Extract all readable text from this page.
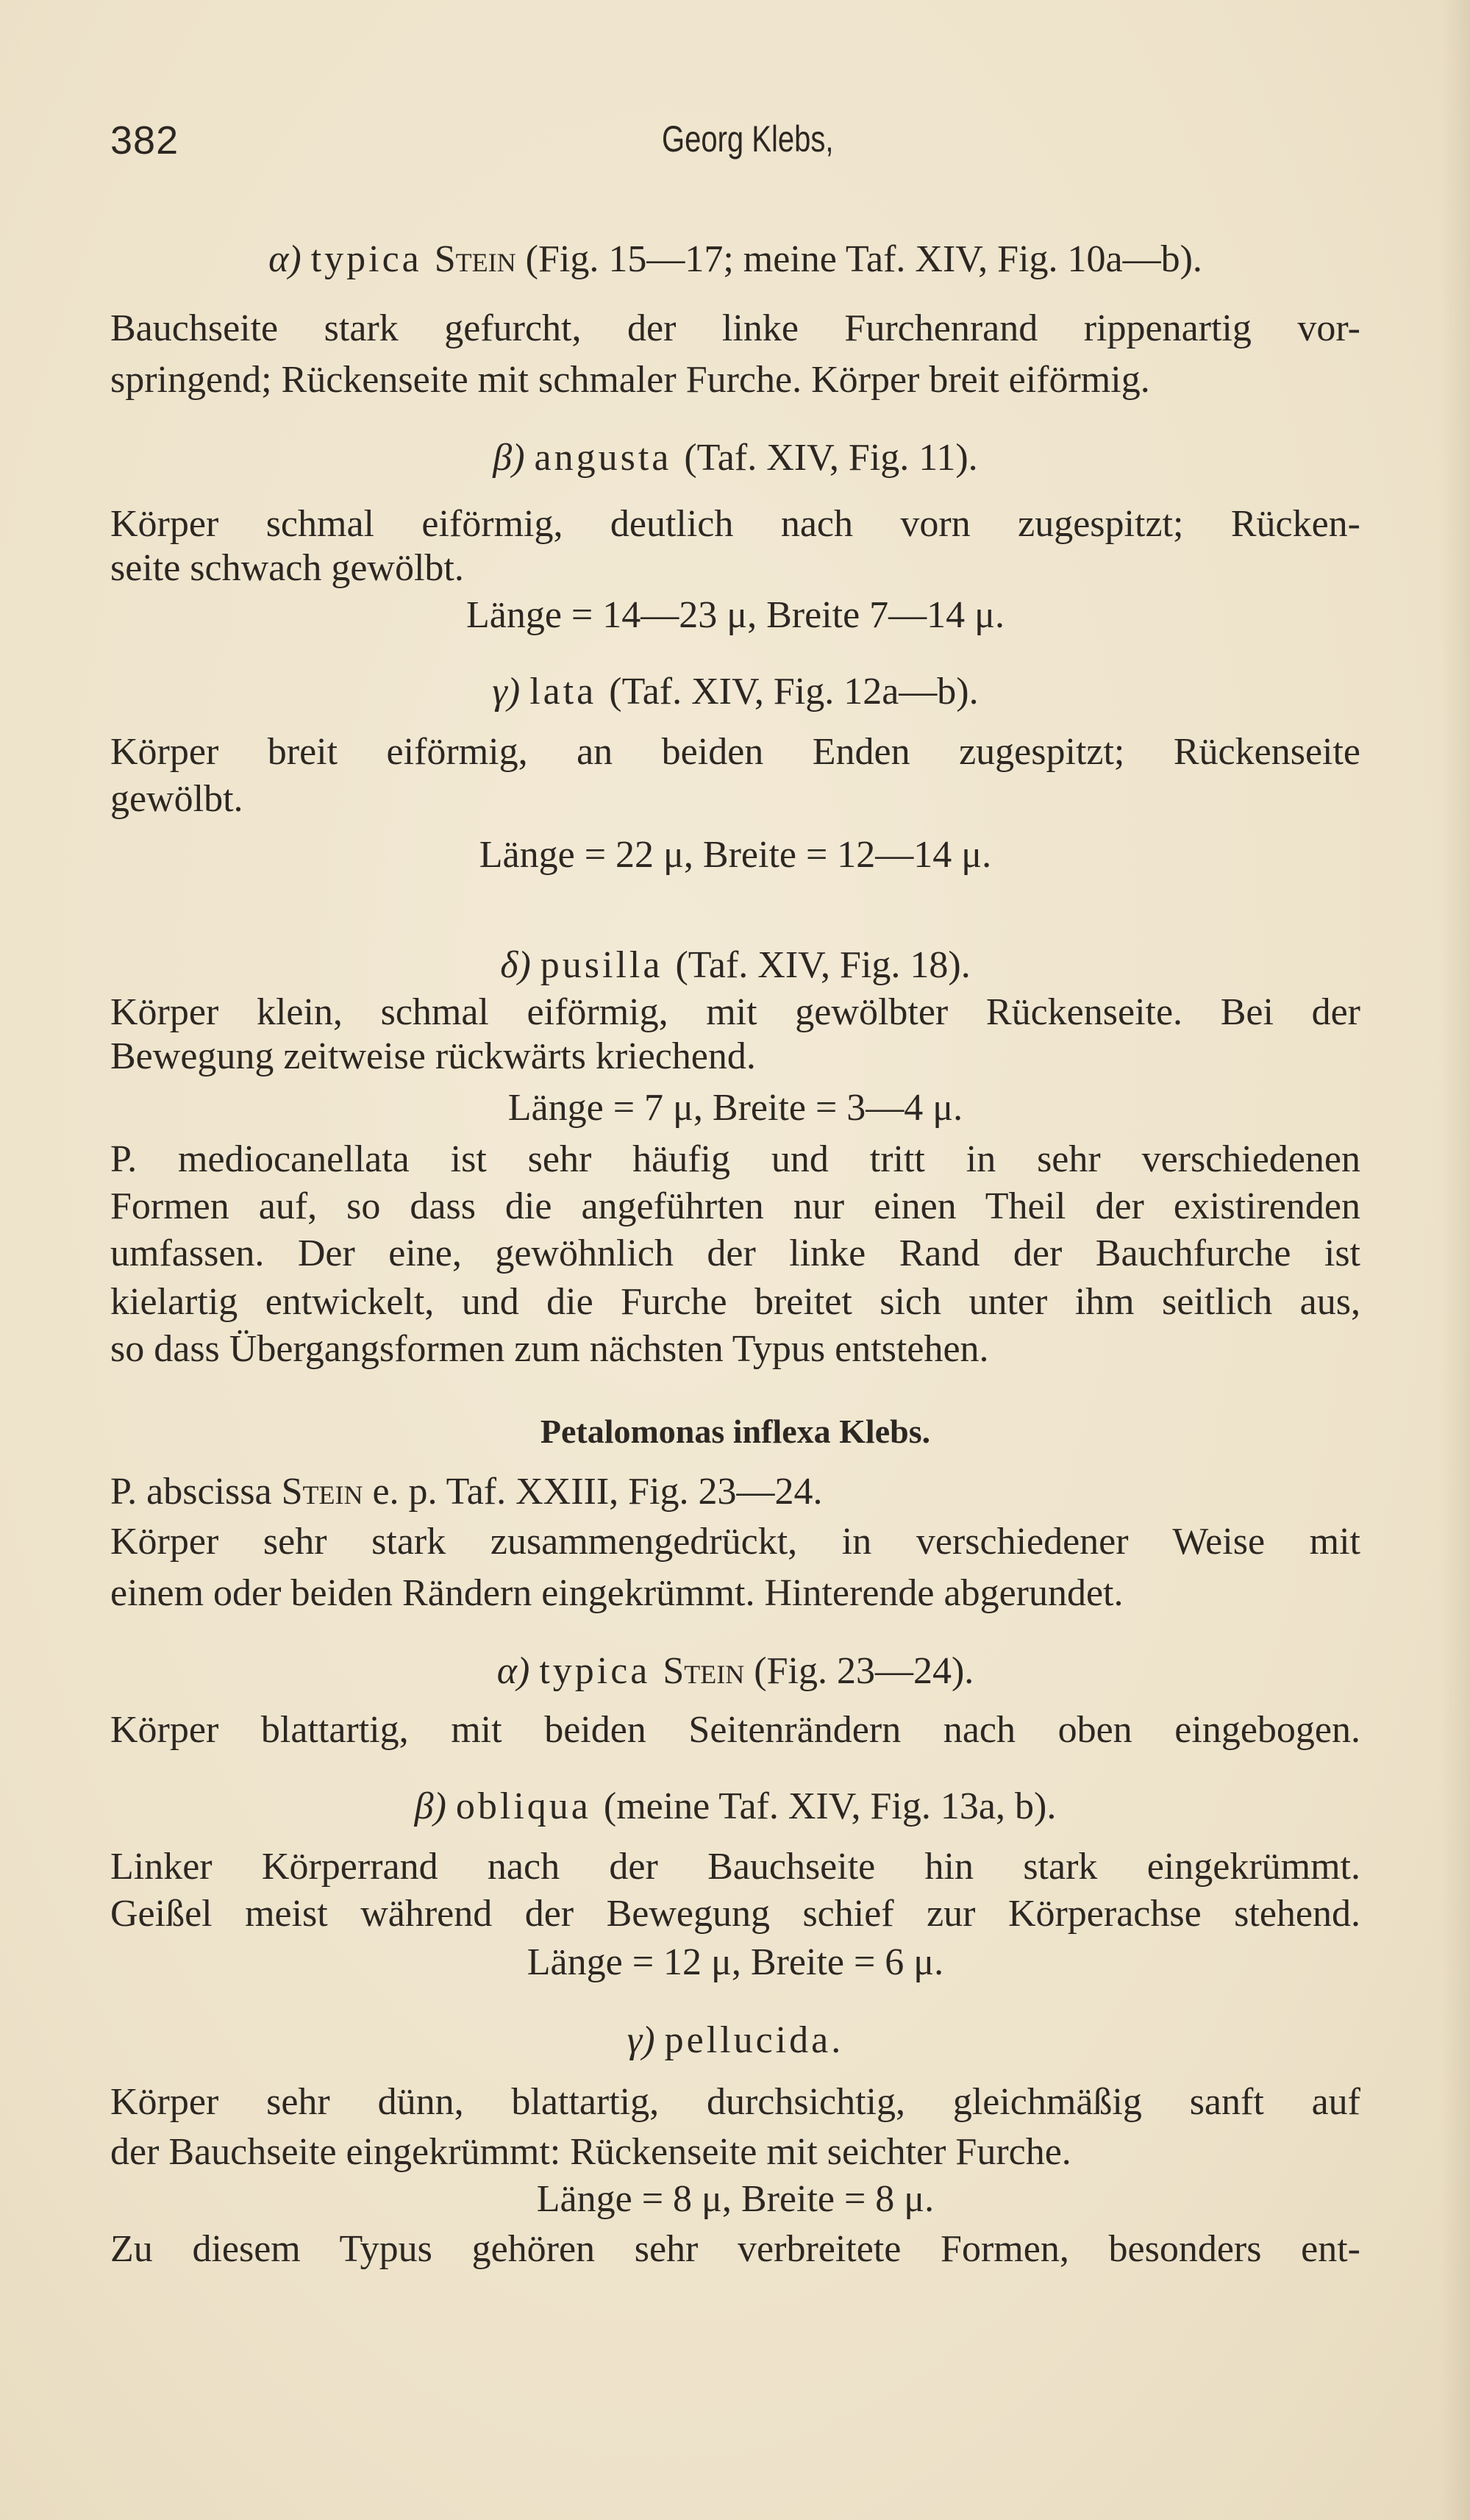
382	Georg Klebs,
α) typica Stein (Fig. 15—17; meine Taf. XIV, Fig. 10a—b).
Bauchseite stark gefurcht, der linke Furchenrand rippenartig vor-
springend; Rückenseite mit schmaler Furche. Körper breit eiförmig.
β) angusta (Taf. XIV, Fig. 11).
Körper schmal eiförmig, deutlich nach vorn zugespitzt; Rücken-
seite schwach gewölbt.
Länge = 14—23 μ, Breite 7—14 μ.
γ) lata (Taf. XIV, Fig. 12a—b).
Körper breit eiförmig, an beiden Enden zugespitzt; Rückenseite
gewölbt.
Länge = 22 μ, Breite = 12—14 μ.
δ) pusilla (Taf. XIV, Fig. 18).
Körper klein, schmal eiförmig, mit gewölbter Rückenseite. Bei der
Bewegung zeitweise rückwärts kriechend.
Länge = 7 μ, Breite = 3—4 μ.
P. mediocanellata ist sehr häufig und tritt in sehr verschiedenen
Formen auf, so dass die angeführten nur einen Theil der existirenden
umfassen. Der eine, gewöhnlich der linke Rand der Bauchfurche ist
kielartig entwickelt, und die Furche breitet sich unter ihm seitlich aus,
so dass Übergangsformen zum nächsten Typus entstehen.
Petalomonas inflexa Klebs.
P. abscissa Stein e. p. Taf. XXIII, Fig. 23—24.
Körper sehr stark zusammengedrückt, in verschiedener Weise mit
einem oder beiden Rändern eingekrümmt. Hinterende abgerundet.
α) typica Stein (Fig. 23—24).
Körper blattartig, mit beiden Seitenrändern nach oben eingebogen.
β) obliqua (meine Taf. XIV, Fig. 13a, b).
Linker Körperrand nach der Bauchseite hin stark eingekrümmt.
Geißel meist während der Bewegung schief zur Körperachse stehend.
Länge = 12 μ, Breite = 6 μ.
γ) pellucida.
Körper sehr dünn, blattartig, durchsichtig, gleichmäßig sanft auf
der Bauchseite eingekrümmt: Rückenseite mit seichter Furche.
Länge = 8 μ, Breite = 8 μ.
Zu diesem Typus gehören sehr verbreitete Formen, besonders ent-
